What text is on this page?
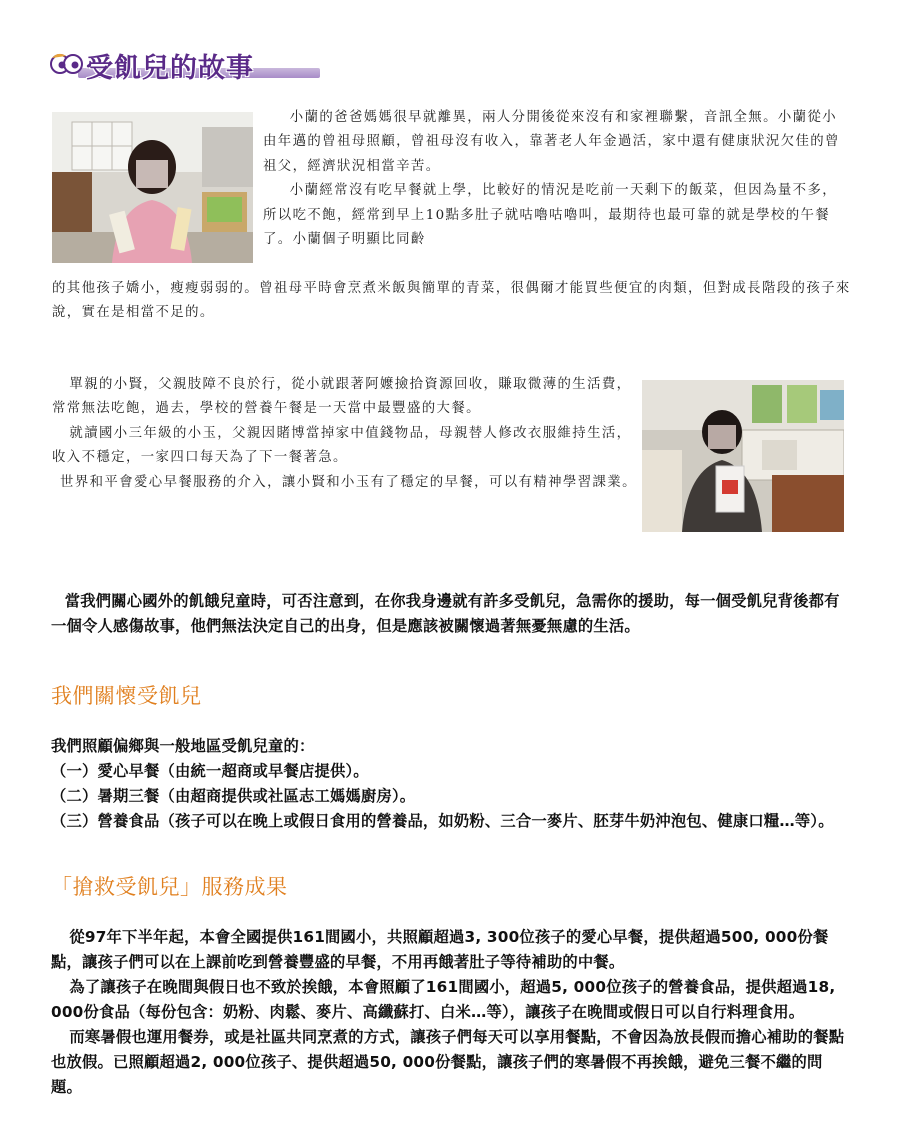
受飢兒的故事

小蘭的爸爸媽媽很早就離異，兩人分開後從來沒有和家裡聯繫，音訊全無。小蘭從小由年邁的曾祖母照顧，曾祖母沒有收入，靠著老人年金過活，家中還有健康狀況欠佳的曾祖父，經濟狀況相當辛苦。

小蘭經常沒有吃早餐就上學，比較好的情況是吃前一天剩下的飯菜，但因為量不多，所以吃不飽，經常到早上10點多肚子就咕嚕咕嚕叫，最期待也最可靠的就是學校的午餐了。小蘭個子明顯比同齡

的其他孩子嬌小，瘦瘦弱弱的。曾祖母平時會烹煮米飯與簡單的青菜，很偶爾才能買些便宜的肉類，但對成長階段的孩子來說，實在是相當不足的。

單親的小賢，父親肢障不良於行，從小就跟著阿嬤撿拾資源回收，賺取微薄的生活費，常常無法吃飽，過去，學校的營養午餐是一天當中最豐盛的大餐。

就讀國小三年級的小玉，父親因賭博當掉家中值錢物品，母親替人修改衣服維持生活，收入不穩定，一家四口每天為了下一餐著急。

世界和平會愛心早餐服務的介入，讓小賢和小玉有了穩定的早餐，可以有精神學習課業。

當我們關心國外的飢餓兒童時，可否注意到，在你我身邊就有許多受飢兒，急需你的援助，每一個受飢兒背後都有一個令人感傷故事，他們無法決定自己的出身，但是應該被關懷過著無憂無慮的生活。

我們關懷受飢兒
我們照顧偏鄉與一般地區受飢兒童的：
（一） 愛心早餐（由統一超商或早餐店提供）。
（二） 暑期三餐（由超商提供或社區志工媽媽廚房）。
（三） 營養食品（孩子可以在晚上或假日食用的營養品，如奶粉、三合一麥片、胚芽牛奶沖泡包、健康口糧…等）。
「搶救受飢兒」服務成果

從97年下半年起，本會全國提供161間國小，共照顧超過3, 300位孩子的愛心早餐，提供超過500, 000份餐點，讓孩子們可以在上課前吃到營養豐盛的早餐，不用再餓著肚子等待補助的中餐。

為了讓孩子在晚間與假日也不致於挨餓，本會照顧了161間國小，超過5, 000位孩子的營養食品，提供超過18, 000份食品（每份包含：奶粉、肉鬆、麥片、高纖蘇打、白米…等），讓孩子在晚間或假日可以自行料理食用。

而寒暑假也運用餐券，或是社區共同烹煮的方式，讓孩子們每天可以享用餐點，不會因為放長假而擔心補助的餐點也放假。已照顧超過2, 000位孩子、提供超過50, 000份餐點，讓孩子們的寒暑假不再挨餓，避免三餐不繼的問題。
